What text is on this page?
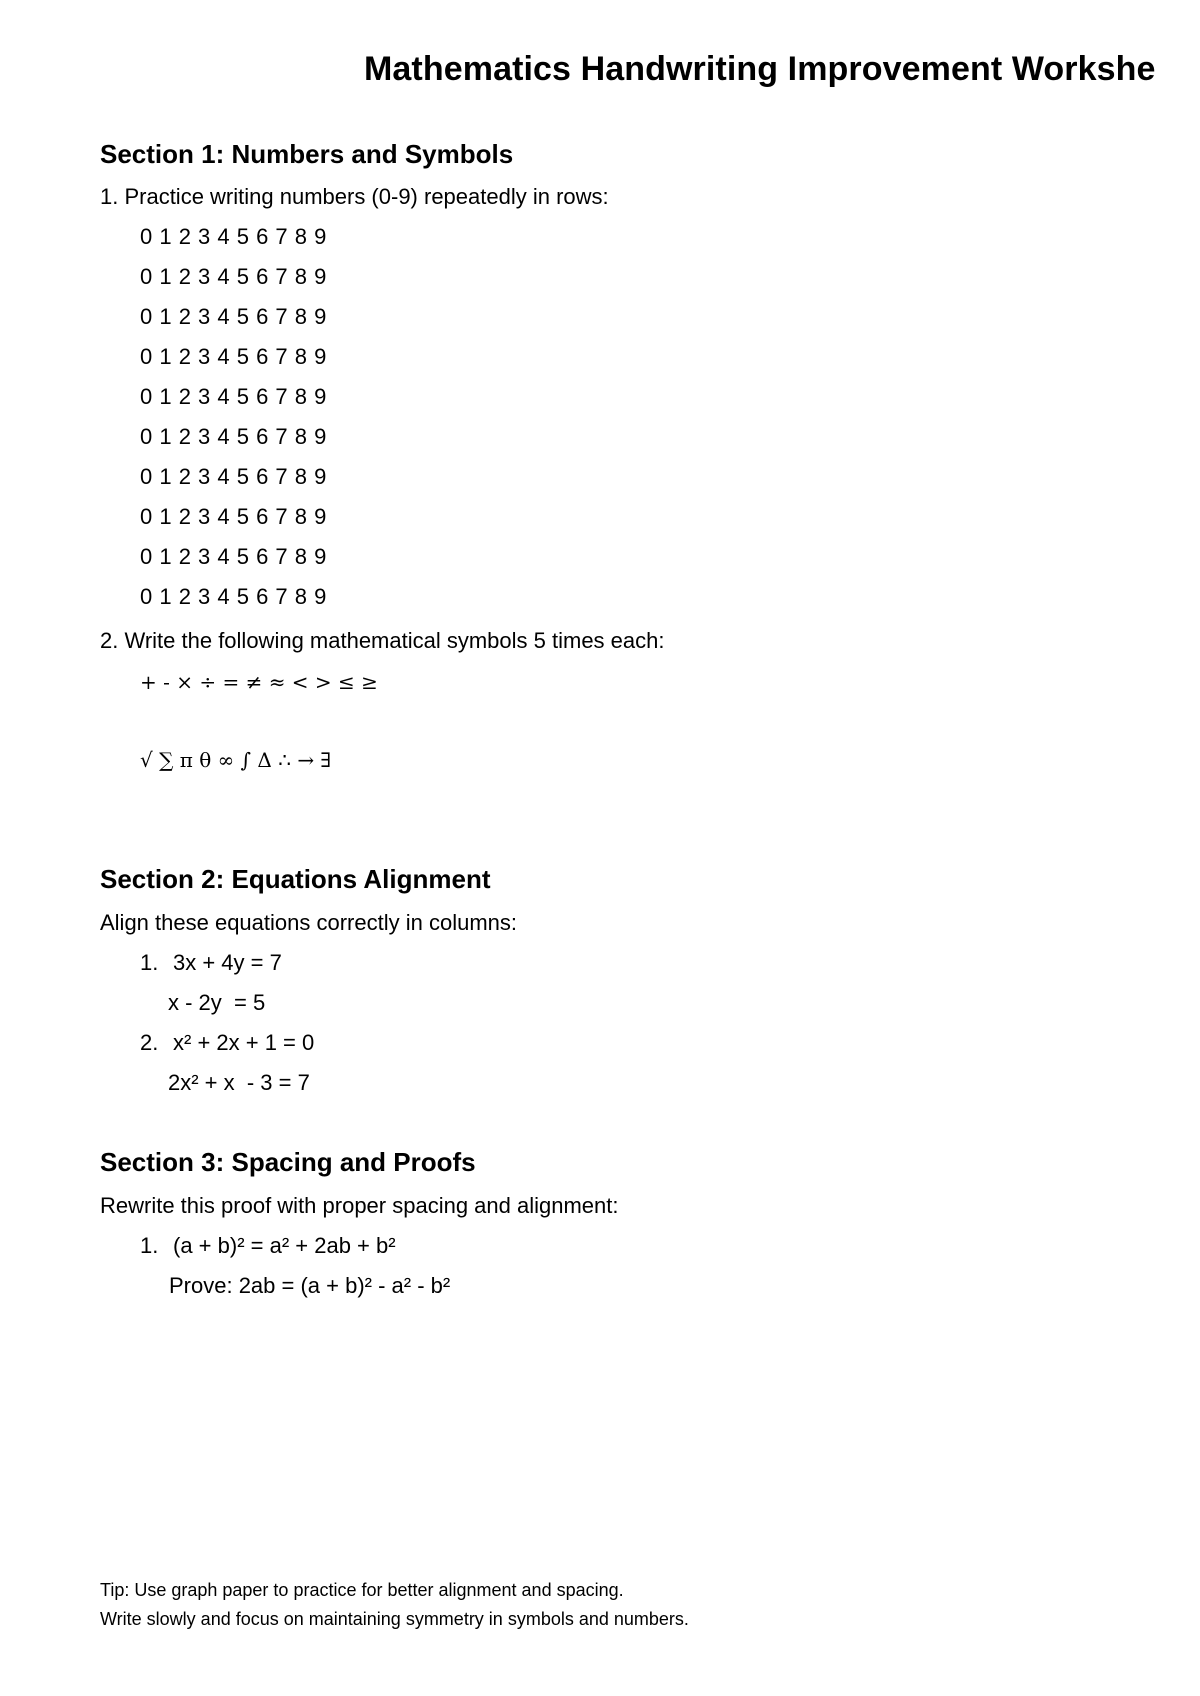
Mathematics Handwriting Improvement Workshe
Section 1: Numbers and Symbols
1. Practice writing numbers (0-9) repeatedly in rows:
0 1 2 3 4 5 6 7 8 9
0 1 2 3 4 5 6 7 8 9
0 1 2 3 4 5 6 7 8 9
0 1 2 3 4 5 6 7 8 9
0 1 2 3 4 5 6 7 8 9
0 1 2 3 4 5 6 7 8 9
0 1 2 3 4 5 6 7 8 9
0 1 2 3 4 5 6 7 8 9
0 1 2 3 4 5 6 7 8 9
0 1 2 3 4 5 6 7 8 9
2. Write the following mathematical symbols 5 times each:
+ - × ÷ = ≠ ≈ < > ≤ ≥
√ ∑ π θ ∞ ∫ Δ ∴ → ∃
Section 2: Equations Alignment
Align these equations correctly in columns:
1. 3x + 4y = 7
x - 2y  = 5
2. x² + 2x + 1 = 0
2x² + x  - 3 = 7
Section 3: Spacing and Proofs
Rewrite this proof with proper spacing and alignment:
1. (a + b)² = a² + 2ab + b²
Prove: 2ab = (a + b)² - a² - b²
Tip: Use graph paper to practice for better alignment and spacing.
Write slowly and focus on maintaining symmetry in symbols and numbers.
